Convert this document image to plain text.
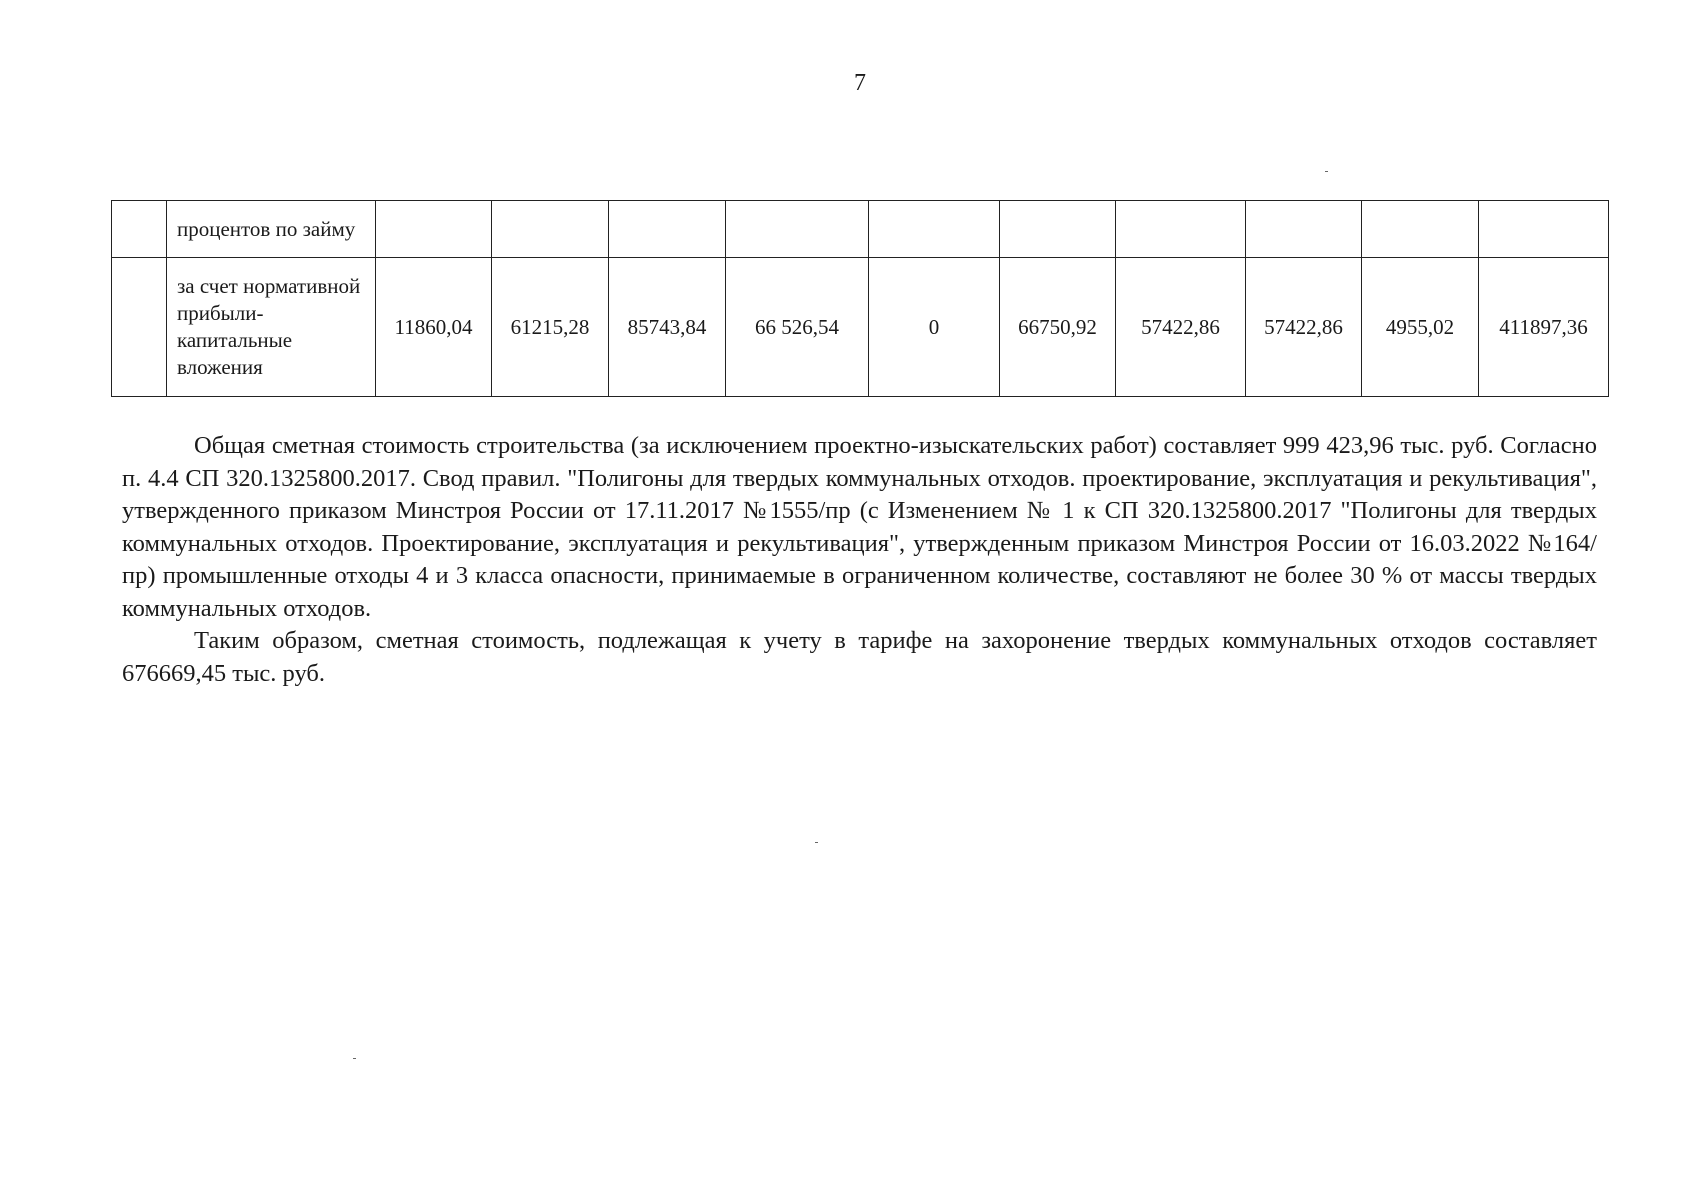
7
	процентов по займу										
	за счет нормативной прибыли-капитальные вложения	11860,04	61215,28	85743,84	66 526,54	0	66750,92	57422,86	57422,86	4955,02	411897,36

Общая сметная стоимость строительства (за исключением проектно-изыскательских работ) составляет 999 423,96 тыс. руб. Согласно п. 4.4 СП 320.1325800.2017. Свод правил. "Полигоны для твердых коммунальных отходов. проектирование, эксплуатация и рекультивация", утвержденного приказом Минстроя России от 17.11.2017 №1555/пр (с Изменением № 1 к СП 320.1325800.2017 "Полигоны для твердых коммунальных отходов. Проектирование, эксплуатация и рекультивация", утвержденным приказом Минстроя России от 16.03.2022 №164/пр) промышленные отходы 4 и 3 класса опасности, принимаемые в ограниченном количестве, составляют не более 30 % от массы твердых коммунальных отходов.

Таким образом, сметная стоимость, подлежащая к учету в тарифе на захоронение твердых коммунальных отходов составляет 676669,45 тыс. руб.
